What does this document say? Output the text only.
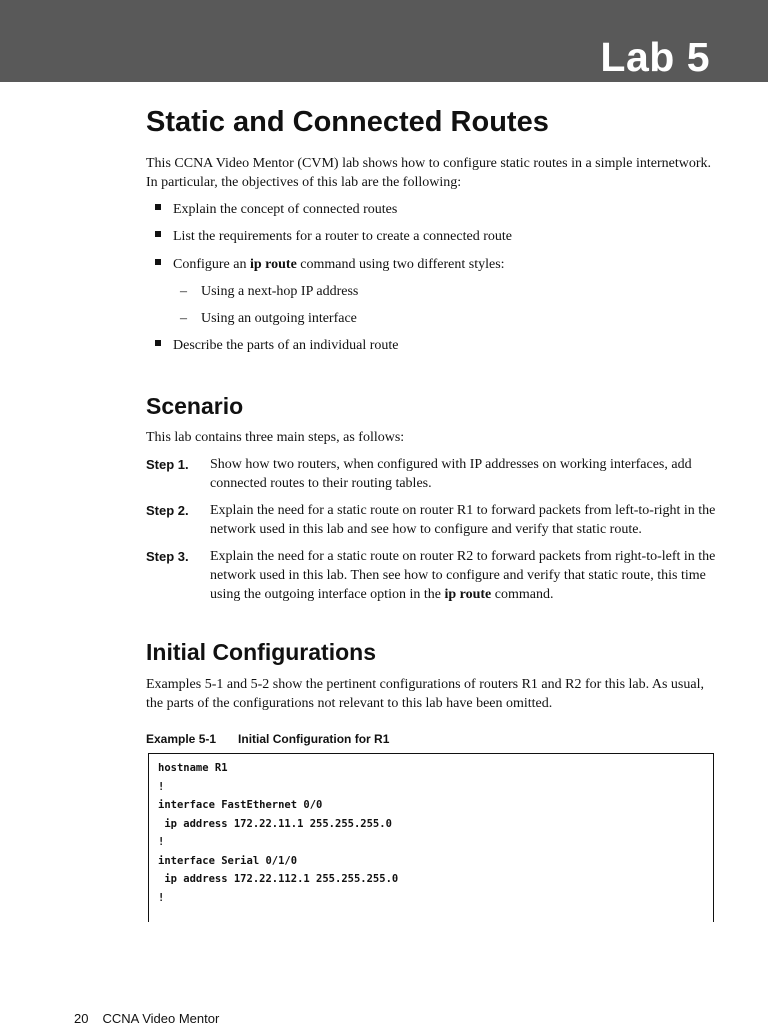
Lab 5
Static and Connected Routes

This CCNA Video Mentor (CVM) lab shows how to configure static routes in a simple internetwork. In particular, the objectives of this lab are the following:

Explain the concept of connected routes
List the requirements for a router to create a connected route
Configure an ip route command using two different styles:
– Using a next-hop IP address
– Using an outgoing interface
Describe the parts of an individual route
Scenario

This lab contains three main steps, as follows:

Step 1. Show how two routers, when configured with IP addresses on working interfaces, add connected routes to their routing tables.
Step 2. Explain the need for a static route on router R1 to forward packets from left-to-right in the network used in this lab and see how to configure and verify that static route.
Step 3. Explain the need for a static route on router R2 to forward packets from right-to-left in the network used in this lab. Then see how to configure and verify that static route, this time using the outgoing interface option in the ip route command.
Initial Configurations

Examples 5-1 and 5-2 show the pertinent configurations of routers R1 and R2 for this lab. As usual, the parts of the configurations not relevant to this lab have been omitted.

Example 5-1 Initial Configuration for R1
hostname R1
!
interface FastEthernet 0/0
ip address 172.22.11.1 255.255.255.0
!
interface Serial 0/1/0
ip address 172.22.112.1 255.255.255.0
!
20 CCNA Video Mentor
